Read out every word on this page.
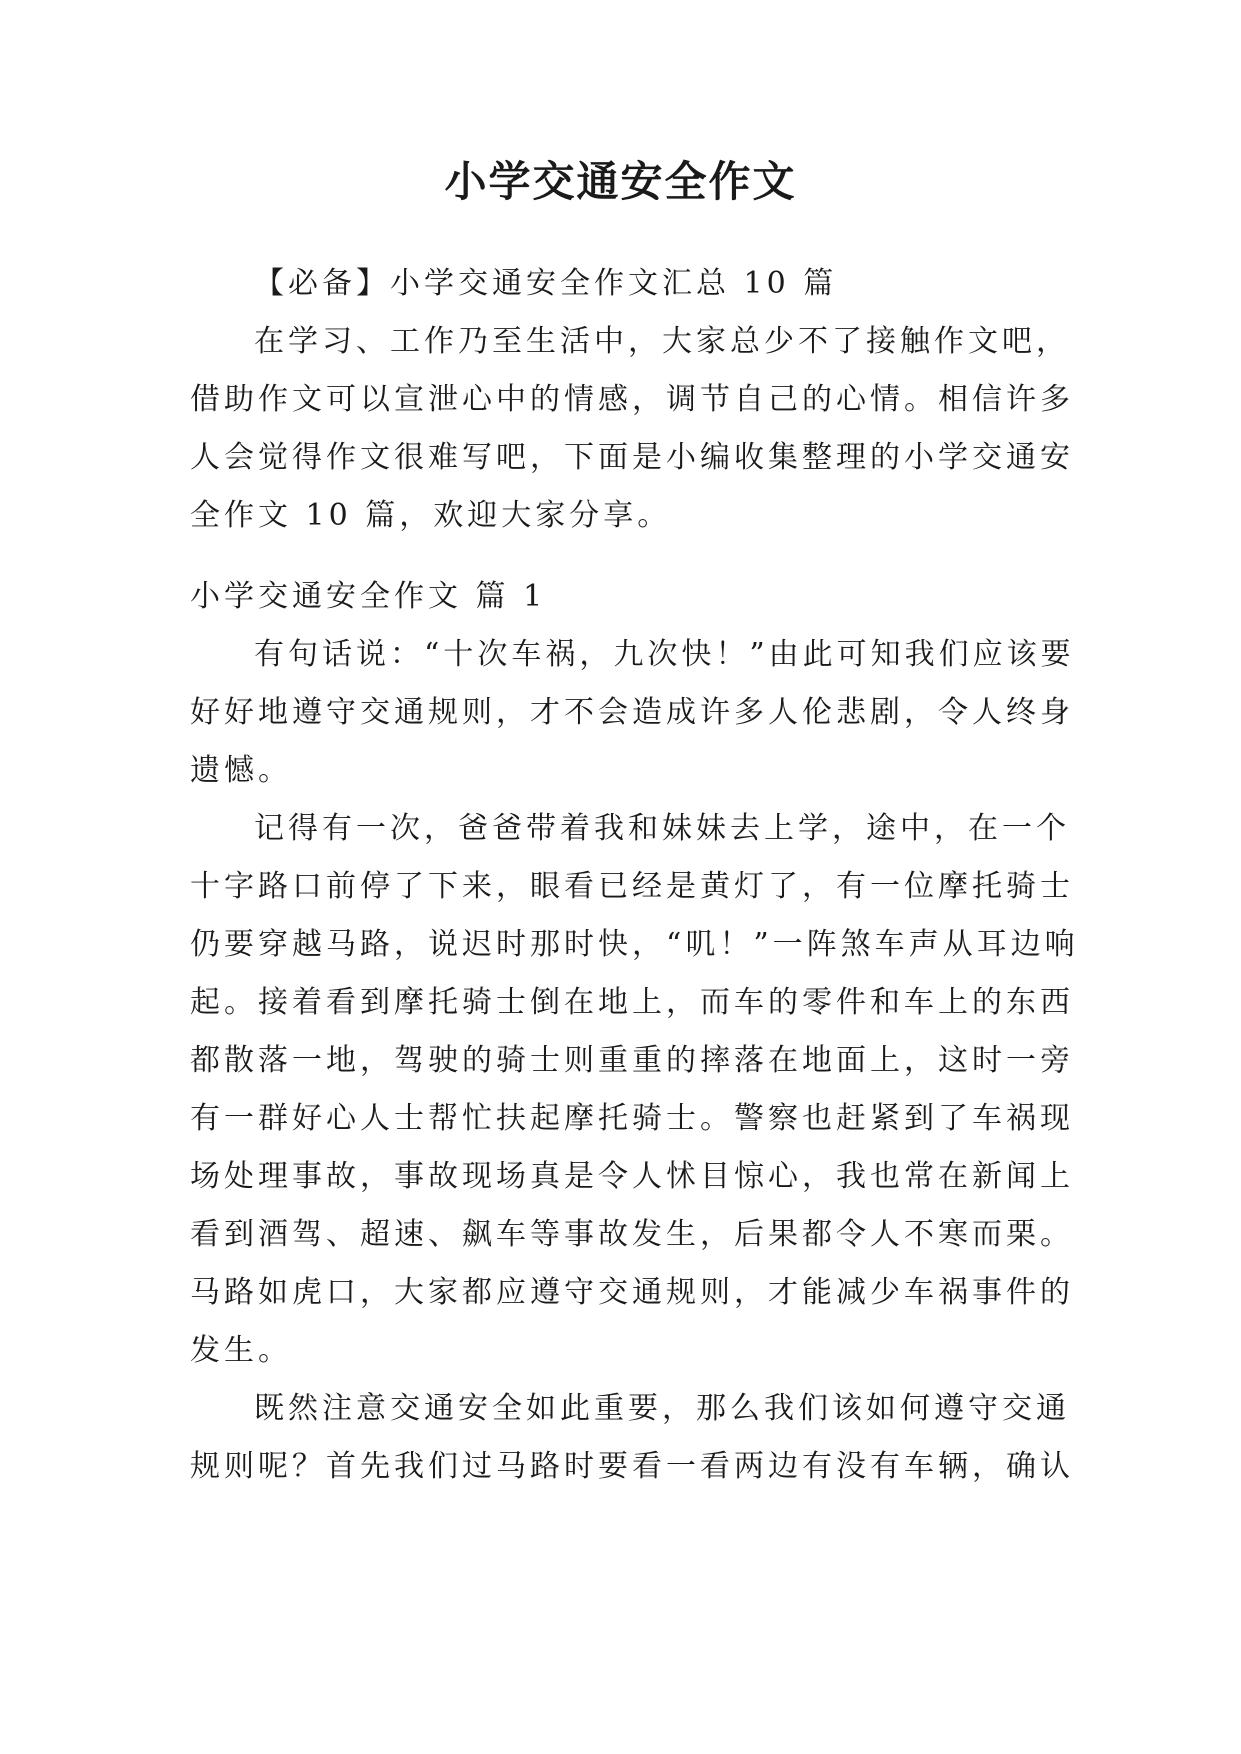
小学交通安全作文
【必备】小学交通安全作文汇总 10 篇
在学习、工作乃至生活中，大家总少不了接触作文吧，
借助作文可以宣泄心中的情感，调节自己的心情。相信许多
人会觉得作文很难写吧，下面是小编收集整理的小学交通安
全作文 10 篇，欢迎大家分享。
小学交通安全作文 篇 1
有句话说：“十次车祸，九次快！”由此可知我们应该要
好好地遵守交通规则，才不会造成许多人伦悲剧，令人终身
遗憾。
记得有一次，爸爸带着我和妹妹去上学，途中，在一个
十字路口前停了下来，眼看已经是黄灯了，有一位摩托骑士
仍要穿越马路，说迟时那时快，“叽！”一阵煞车声从耳边响
起。接着看到摩托骑士倒在地上，而车的零件和车上的东西
都散落一地，驾驶的骑士则重重的摔落在地面上，这时一旁
有一群好心人士帮忙扶起摩托骑士。警察也赶紧到了车祸现
场处理事故，事故现场真是令人怵目惊心，我也常在新闻上
看到酒驾、超速、飙车等事故发生，后果都令人不寒而栗。
马路如虎口，大家都应遵守交通规则，才能减少车祸事件的
发生。
既然注意交通安全如此重要，那么我们该如何遵守交通
规则呢？首先我们过马路时要看一看两边有没有车辆，确认
